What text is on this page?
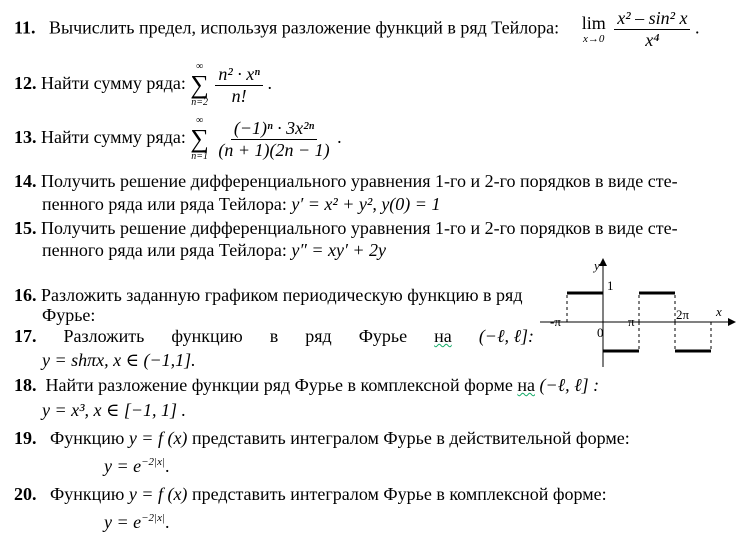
11. Вычислить предел, используя разложение функций в ряд Тейлора: lim
x→0
$\frac{\text{x² – sin² x}}{\text{x⁴}}$ .
12. Найти сумму ряда:
∞
∑
n=2
$\frac{\text{n² · xⁿ}}{n!}$ .
13. Найти сумму ряда:
∞
∑
n=1
$\frac{\text{(−1)ⁿ · 3x²ⁿ}}{(n + 1)(2n - 1)}$ .
14. Получить решение дифференциального уравнения 1-го и 2-го порядков в виде сте-
пенного ряда или ряда Тейлора: y′ = x² + y², y(0) = 1
15. Получить решение дифференциального уравнения 1-го и 2-го порядков в виде сте-
пенного ряда или ряда Тейлора: y″ = xy′ + 2y
16. Разложить заданную графиком периодическую функцию в ряд
Фурье:
17. Разложить функцию в ряд Фурье на (−ℓ, ℓ]:
y = shπx, x ∈ (−1,1].
18. Найти разложение функции ряд Фурье в комплексной форме на (−ℓ, ℓ] :
y = x³, x ∈ [−1, 1] .
19. Функцию y = f (x) представить интегралом Фурье в действительной форме:
$y = e^{-2|x|}$.
20. Функцию y = f (x) представить интегралом Фурье в комплексной форме:
$y = e^{-2|x|}$.
y
x
1
0
-π	π	2π
